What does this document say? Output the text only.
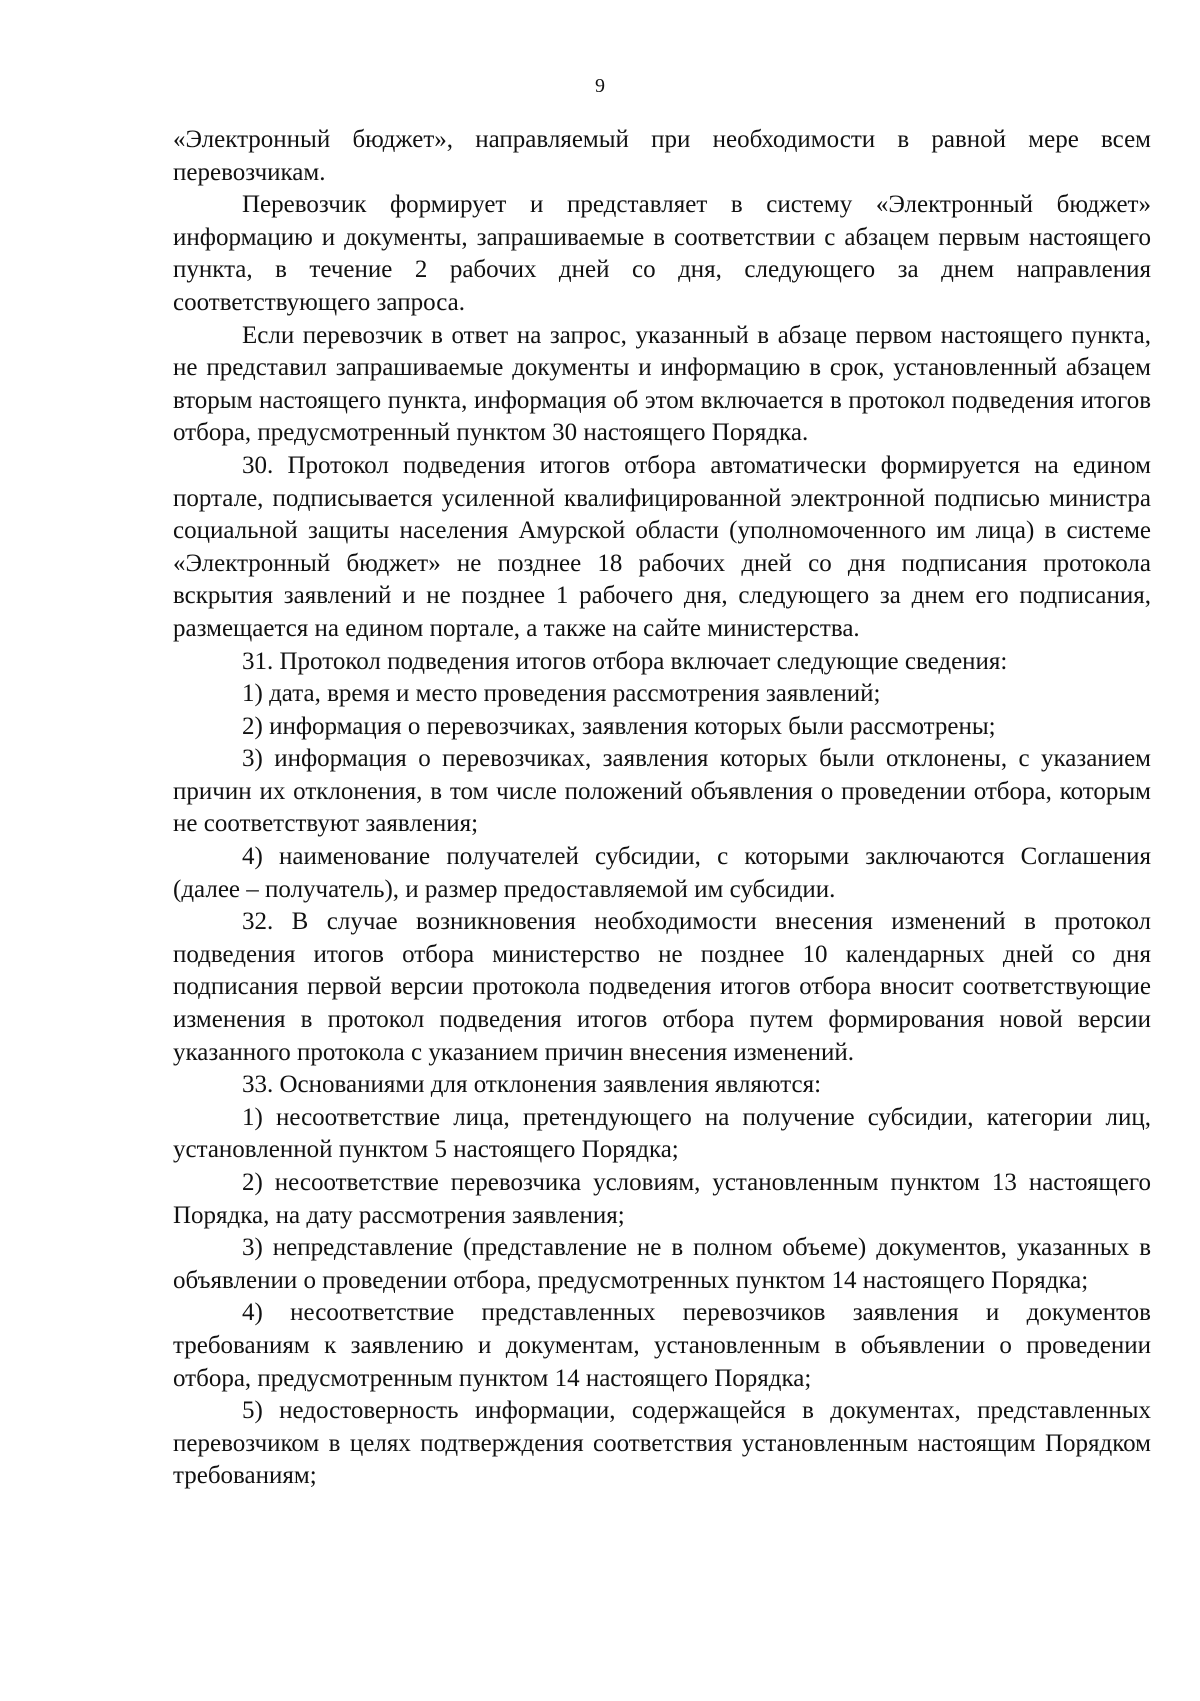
9

«Электронный бюджет», направляемый при необходимости в равной мере всем перевозчикам.

Перевозчик формирует и представляет в систему «Электронный бюджет» информацию и документы, запрашиваемые в соответствии с абзацем первым настоящего пункта, в течение 2 рабочих дней со дня, следующего за днем направления соответствующего запроса.

Если перевозчик в ответ на запрос, указанный в абзаце первом настоящего пункта, не представил запрашиваемые документы и информацию в срок, установленный абзацем вторым настоящего пункта, информация об этом включается в протокол подведения итогов отбора, предусмотренный пунктом 30 настоящего Порядка.

30. Протокол подведения итогов отбора автоматически формируется на едином портале, подписывается усиленной квалифицированной электронной подписью министра социальной защиты населения Амурской области (уполномоченного им лица) в системе «Электронный бюджет» не позднее 18 рабочих дней со дня подписания протокола вскрытия заявлений и не позднее 1 рабочего дня, следующего за днем его подписания, размещается на едином портале, а также на сайте министерства.

31. Протокол подведения итогов отбора включает следующие сведения:

1) дата, время и место проведения рассмотрения заявлений;

2) информация о перевозчиках, заявления которых были рассмотрены;

3) информация о перевозчиках, заявления которых были отклонены, с указанием причин их отклонения, в том числе положений объявления о проведении отбора, которым не соответствуют заявления;

4) наименование получателей субсидии, с которыми заключаются Соглашения (далее – получатель), и размер предоставляемой им субсидии.

32. В случае возникновения необходимости внесения изменений в протокол подведения итогов отбора министерство не позднее 10 календарных дней со дня подписания первой версии протокола подведения итогов отбора вносит соответствующие изменения в протокол подведения итогов отбора путем формирования новой версии указанного протокола с указанием причин внесения изменений.

33. Основаниями для отклонения заявления являются:

1) несоответствие лица, претендующего на получение субсидии, категории лиц, установленной пунктом 5 настоящего Порядка;

2) несоответствие перевозчика условиям, установленным пунктом 13 настоящего Порядка, на дату рассмотрения заявления;

3) непредставление (представление не в полном объеме) документов, указанных в объявлении о проведении отбора, предусмотренных пунктом 14 настоящего Порядка;

4) несоответствие представленных перевозчиков заявления и документов требованиям к заявлению и документам, установленным в объявлении о проведении отбора, предусмотренным пунктом 14 настоящего Порядка;

5) недостоверность информации, содержащейся в документах, представленных перевозчиком в целях подтверждения соответствия установленным настоящим Порядком требованиям;
